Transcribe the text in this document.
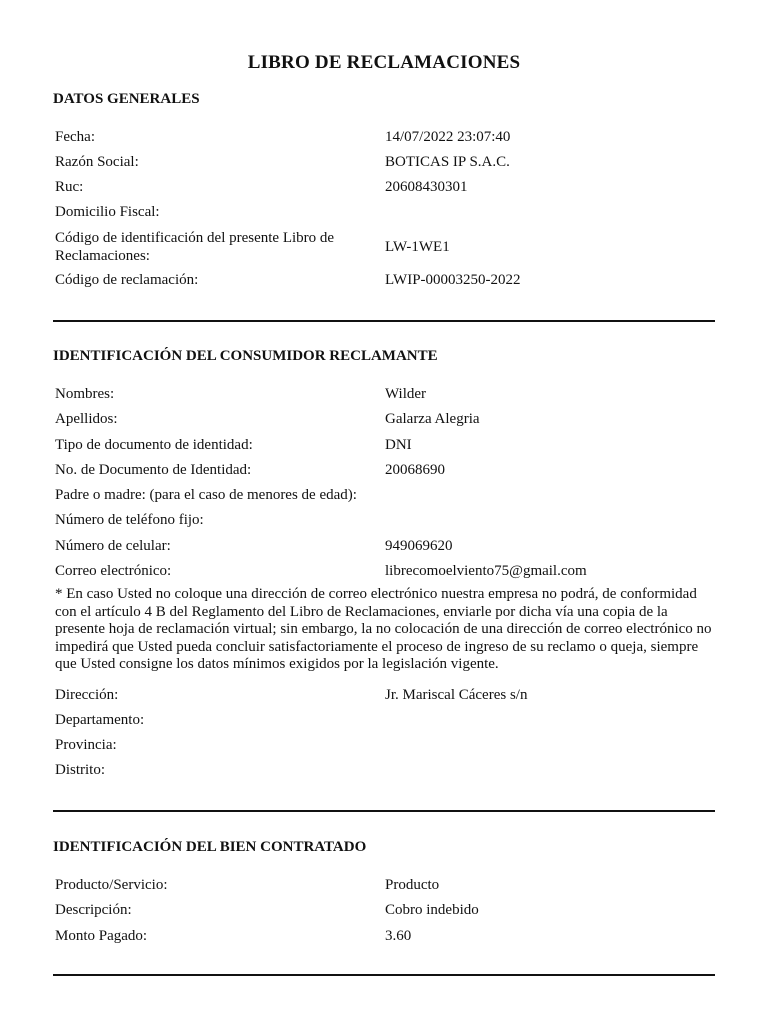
LIBRO DE RECLAMACIONES
DATOS GENERALES
Fecha:	14/07/2022 23:07:40
Razón Social:	BOTICAS IP S.A.C.
Ruc:	20608430301
Domicilio Fiscal:
Código de identificación del presente Libro de Reclamaciones:
LW-1WE1
Código de reclamación:	LWIP-00003250-2022
IDENTIFICACIÓN DEL CONSUMIDOR RECLAMANTE
Nombres:	Wilder
Apellidos:	Galarza Alegria
Tipo de documento de identidad:	DNI
No. de Documento de Identidad:	20068690
Padre o madre: (para el caso de menores de edad):
Número de teléfono fijo:
Número de celular:	949069620
Correo electrónico:	librecomoelviento75@gmail.com
* En caso Usted no coloque una dirección de correo electrónico nuestra empresa no podrá, de conformidad con el artículo 4 B del Reglamento del Libro de Reclamaciones, enviarle por dicha vía una copia de la presente hoja de reclamación virtual; sin embargo, la no colocación de una dirección de correo electrónico no impedirá que Usted pueda concluir satisfactoriamente el proceso de ingreso de su reclamo o queja, siempre que Usted consigne los datos mínimos exigidos por la legislación vigente.
Dirección:	Jr. Mariscal Cáceres s/n
Departamento:
Provincia:
Distrito:
IDENTIFICACIÓN DEL BIEN CONTRATADO
Producto/Servicio:	Producto
Descripción:	Cobro indebido
Monto Pagado:	3.60
